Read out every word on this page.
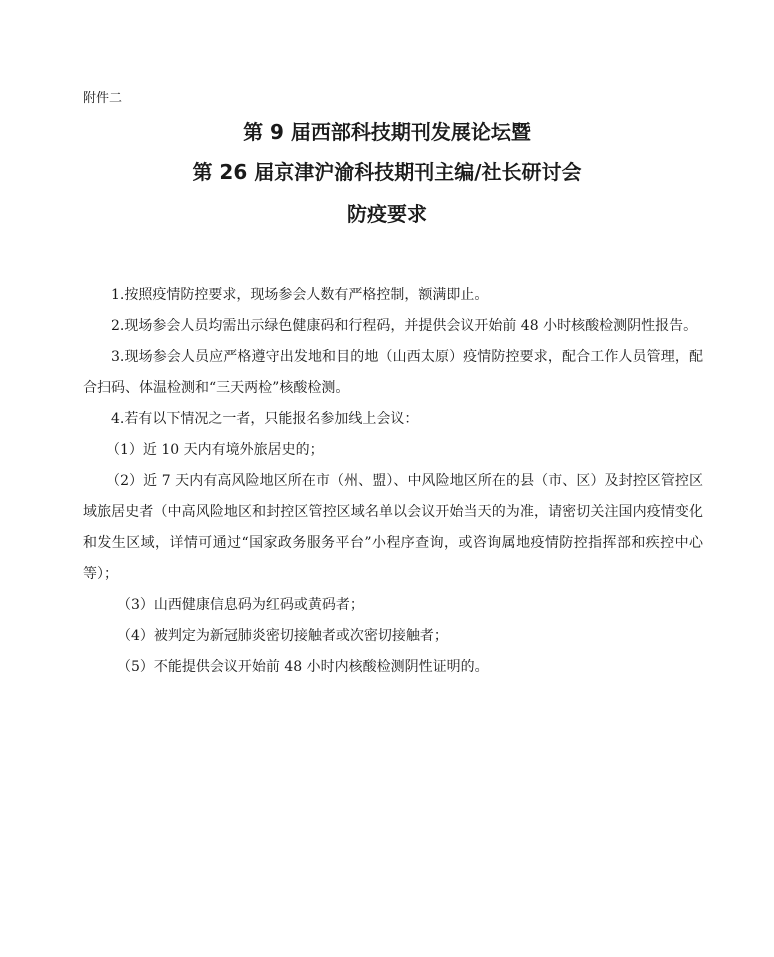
附件二
第 9 届西部科技期刊发展论坛暨
第 26 届京津沪渝科技期刊主编/社长研讨会
防疫要求

1.按照疫情防控要求，现场参会人数有严格控制，额满即止。

2.现场参会人员均需出示绿色健康码和行程码，并提供会议开始前 48 小时核酸检测阴性报告。

3.现场参会人员应严格遵守出发地和目的地（山西太原）疫情防控要求，配合工作人员管理，配合扫码、体温检测和“三天两检”核酸检测。

4.若有以下情况之一者，只能报名参加线上会议：

（1）近 10 天内有境外旅居史的；

（2）近 7 天内有高风险地区所在市（州、盟）、中风险地区所在的县（市、区）及封控区管控区域旅居史者（中高风险地区和封控区管控区域名单以会议开始当天的为准，请密切关注国内疫情变化和发生区域，详情可通过“国家政务服务平台”小程序查询，或咨询属地疫情防控指挥部和疾控中心等）；

（3）山西健康信息码为红码或黄码者；

（4）被判定为新冠肺炎密切接触者或次密切接触者；

（5）不能提供会议开始前 48 小时内核酸检测阴性证明的。
